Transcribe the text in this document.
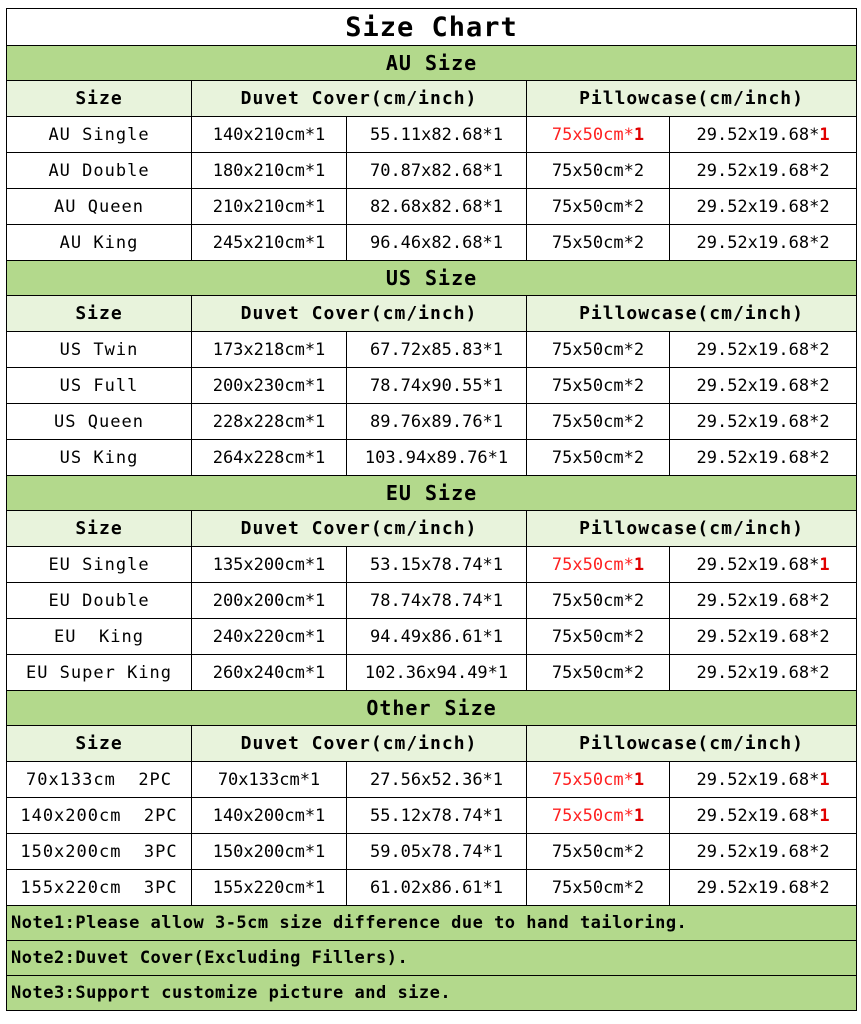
Size Chart				
AU Size				
Size	Duvet Cover(cm/inch)		Pillowcase(cm/inch)	
AU Single	140x210cm*1	55.11x82.68*1	75x50cm*1	29.52x19.68*1
AU Double	180x210cm*1	70.87x82.68*1	75x50cm*2	29.52x19.68*2
AU Queen	210x210cm*1	82.68x82.68*1	75x50cm*2	29.52x19.68*2
AU King	245x210cm*1	96.46x82.68*1	75x50cm*2	29.52x19.68*2
US Size				
Size	Duvet Cover(cm/inch)		Pillowcase(cm/inch)	
US Twin	173x218cm*1	67.72x85.83*1	75x50cm*2	29.52x19.68*2
US Full	200x230cm*1	78.74x90.55*1	75x50cm*2	29.52x19.68*2
US Queen	228x228cm*1	89.76x89.76*1	75x50cm*2	29.52x19.68*2
US King	264x228cm*1	103.94x89.76*1	75x50cm*2	29.52x19.68*2
EU Size				
Size	Duvet Cover(cm/inch)		Pillowcase(cm/inch)	
EU Single	135x200cm*1	53.15x78.74*1	75x50cm*1	29.52x19.68*1
EU Double	200x200cm*1	78.74x78.74*1	75x50cm*2	29.52x19.68*2
EU  King	240x220cm*1	94.49x86.61*1	75x50cm*2	29.52x19.68*2
EU Super King	260x240cm*1	102.36x94.49*1	75x50cm*2	29.52x19.68*2
Other Size				
Size	Duvet Cover(cm/inch)		Pillowcase(cm/inch)	
70x133cm  2PC	70x133cm*1	27.56x52.36*1	75x50cm*1	29.52x19.68*1
140x200cm  2PC	140x200cm*1	55.12x78.74*1	75x50cm*1	29.52x19.68*1
150x200cm  3PC	150x200cm*1	59.05x78.74*1	75x50cm*2	29.52x19.68*2
155x220cm  3PC	155x220cm*1	61.02x86.61*1	75x50cm*2	29.52x19.68*2
Note1:Please allow 3-5cm size difference due to hand tailoring.				
Note2:Duvet Cover(Excluding Fillers).				
Note3:Support customize picture and size.				
